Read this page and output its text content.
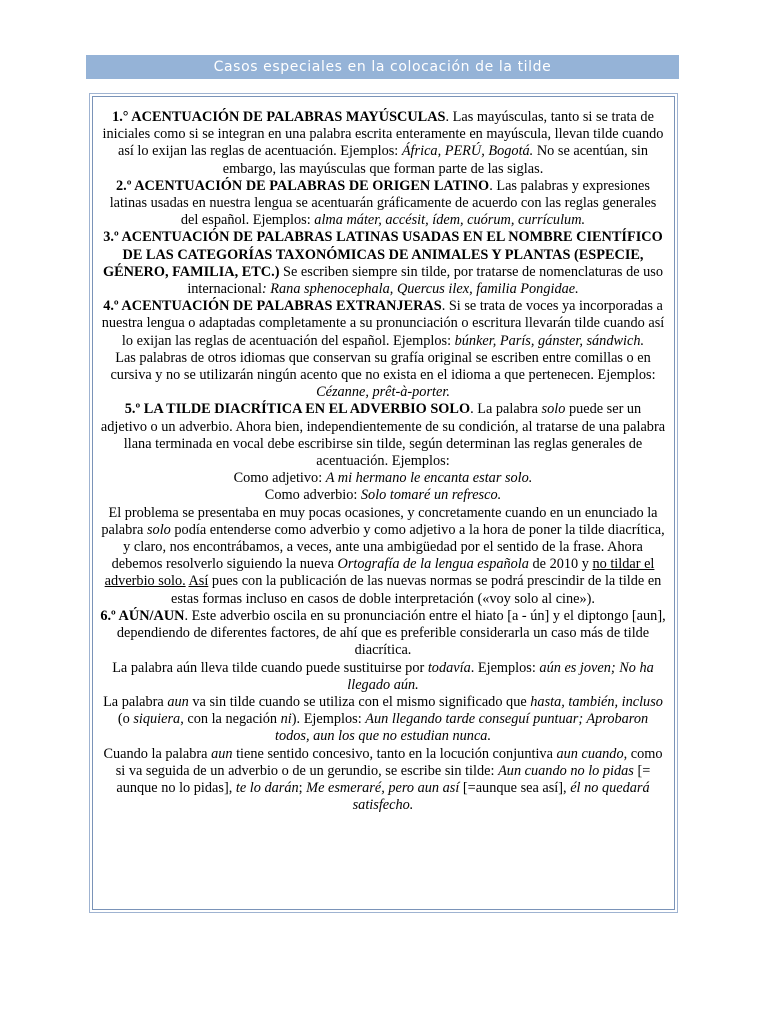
Casos especiales en la colocación de la tilde

1.° ACENTUACIÓN DE PALABRAS MAYÚSCULAS. Las mayúsculas, tanto si se trata de iniciales como si se integran en una palabra escrita enteramente en mayúscula, llevan tilde cuando así lo exijan las reglas de acentuación. Ejemplos: África, PERÚ, Bogotá. No se acentúan, sin embargo, las mayúsculas que forman parte de las siglas.

2.º ACENTUACIÓN DE PALABRAS DE ORIGEN LATINO. Las palabras y expresiones latinas usadas en nuestra lengua se acentuarán gráficamente de acuerdo con las reglas generales del español. Ejemplos: alma máter, accésit, ídem, cuórum, currículum.

3.º ACENTUACIÓN DE PALABRAS LATINAS USADAS EN EL NOMBRE CIENTÍFICO DE LAS CATEGORÍAS TAXONÓMICAS DE ANIMALES Y PLANTAS (ESPECIE, GÉNERO, FAMILIA, ETC.) Se escriben siempre sin tilde, por tratarse de nomenclaturas de uso internacional: Rana sphenocephala, Quercus ilex, familia Pongidae.

4.º ACENTUACIÓN DE PALABRAS EXTRANJERAS. Si se trata de voces ya incorporadas a nuestra lengua o adaptadas completamente a su pronunciación o escritura llevarán tilde cuando así lo exijan las reglas de acentuación del español. Ejemplos: búnker, París, gánster, sándwich.

Las palabras de otros idiomas que conservan su grafía original se escriben entre comillas o en cursiva y no se utilizarán ningún acento que no exista en el idioma a que pertenecen. Ejemplos: Cézanne, prêt-à-porter.

5.º LA TILDE DIACRÍTICA EN EL ADVERBIO SOLO. La palabra solo puede ser un adjetivo o un adverbio. Ahora bien, independientemente de su condición, al tratarse de una palabra llana terminada en vocal debe escribirse sin tilde, según determinan las reglas generales de acentuación. Ejemplos:

Como adjetivo: A mi hermano le encanta estar solo.

Como adverbio: Solo tomaré un refresco.

El problema se presentaba en muy pocas ocasiones, y concretamente cuando en un enunciado la palabra solo podía entenderse como adverbio y como adjetivo a la hora de poner la tilde diacrítica, y claro, nos encontrábamos, a veces, ante una ambigüedad por el sentido de la frase. Ahora debemos resolverlo siguiendo la nueva Ortografía de la lengua española de 2010 y no tildar el adverbio solo. Así pues con la publicación de las nuevas normas se podrá prescindir de la tilde en estas formas incluso en casos de doble interpretación («voy solo al cine»).

6.º AÚN/AUN. Este adverbio oscila en su pronunciación entre el hiato [a - ún] y el diptongo [aun], dependiendo de diferentes factores, de ahí que es preferible considerarla un caso más de tilde diacrítica.

La palabra aún lleva tilde cuando puede sustituirse por todavía. Ejemplos: aún es joven; No ha llegado aún.

La palabra aun va sin tilde cuando se utiliza con el mismo significado que hasta, también, incluso (o siquiera, con la negación ni). Ejemplos: Aun llegando tarde conseguí puntuar; Aprobaron todos, aun los que no estudian nunca.

Cuando la palabra aun tiene sentido concesivo, tanto en la locución conjuntiva aun cuando, como si va seguida de un adverbio o de un gerundio, se escribe sin tilde: Aun cuando no lo pidas [= aunque no lo pidas], te lo darán; Me esmeraré, pero aun así [=aunque sea así], él no quedará satisfecho.
